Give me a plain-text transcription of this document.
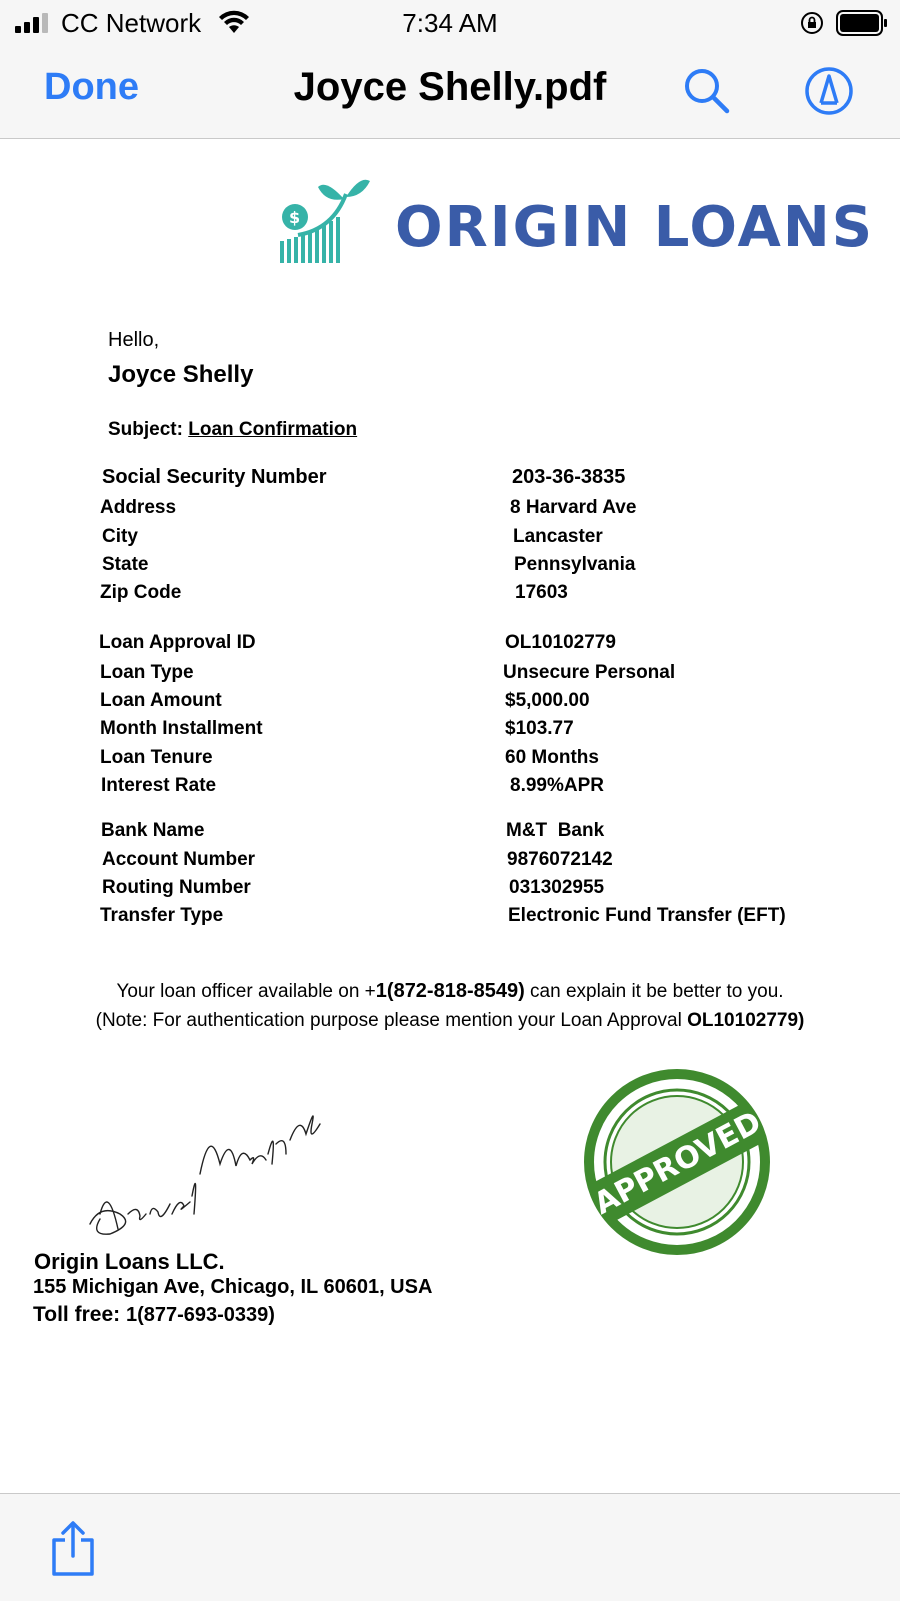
CC Network	7:34 AM
Done	Joyce Shelly.pdf
$ ORIGIN LOANS
Hello,
Joyce Shelly
Subject: Loan Confirmation
Social Security Number	203-36-3835
Address	8 Harvard Ave
City	Lancaster
State	Pennsylvania
Zip Code	17603
Loan Approval ID	OL10102779
Loan Type	Unsecure Personal
Loan Amount	$5,000.00
Month Installment	$103.77
Loan Tenure	60 Months
Interest Rate	8.99%APR
Bank Name	M&T  Bank
Account Number	9876072142
Routing Number	031302955
Transfer Type	Electronic Fund Transfer (EFT)
Your loan officer available on +1(872-818-8549) can explain it be better to you.
(Note: For authentication purpose please mention your Loan Approval OL10102779)
APPROVED
Origin Loans LLC.
155 Michigan Ave, Chicago, IL 60601, USA
Toll free: 1(877-693-0339)
